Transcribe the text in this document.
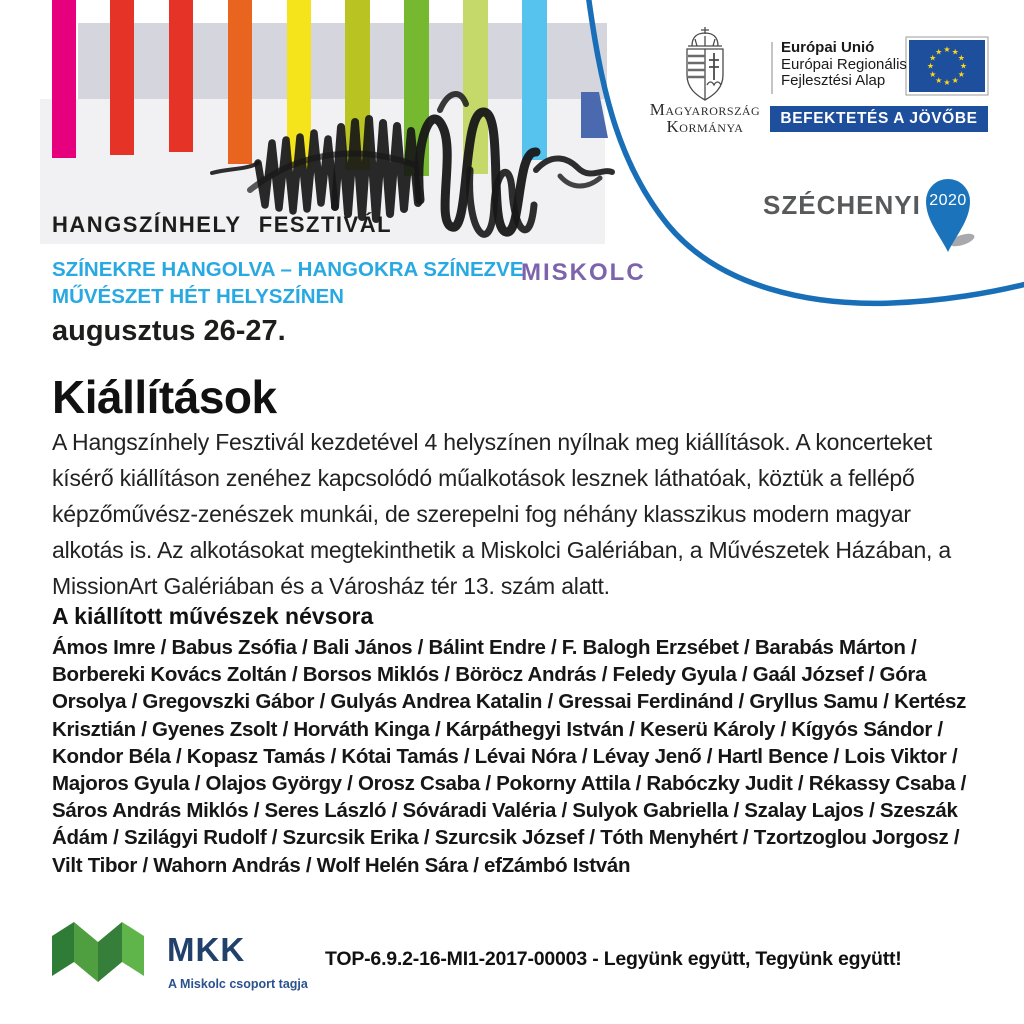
★ ★
★
★
★
★
★
★
★
★
★
★
Magyarország
Kormánya
Európai Unió
Európai Regionális
Fejlesztési Alap
BEFEKTETÉS A JÖVŐBE
SZÉCHENYI 2020
HANGSZÍNHELY FESZTIVÁL
SZÍNEKRE HANGOLVA – HANGOKRA SZÍNEZVE
MŰVÉSZET HÉT HELYSZÍNEN
MISKOLC
augusztus 26-27.
Kiállítások
A Hangszínhely Fesztivál kezdetével 4 helyszínen nyílnak meg kiállítások. A koncerteket kísérő kiállításon zenéhez kapcsolódó műalkotások lesznek láthatóak, köztük a fellépő képzőművész-zenészek munkái, de szerepelni fog néhány klasszikus modern magyar alkotás is. Az alkotásokat megtekinthetik a Miskolci Galériában, a Művészetek Házában, a MissionArt Galériában és a Városház tér 13. szám alatt.
A kiállított művészek névsora
Ámos Imre / Babus Zsófia / Bali János / Bálint Endre / F. Balogh Erzsébet / Barabás Márton / Borbereki Kovács Zoltán / Borsos Miklós / Böröcz András / Feledy Gyula / Gaál József / Góra Orsolya / Gregovszki Gábor / Gulyás Andrea Katalin / Gressai Ferdinánd / Gryllus Samu / Kertész Krisztián / Gyenes Zsolt / Horváth Kinga / Kárpáthegyi István / Keserü Károly / Kígyós Sándor / Kondor Béla / Kopasz Tamás / Kótai Tamás / Lévai Nóra / Lévay Jenő / Hartl Bence / Lois Viktor / Majoros Gyula / Olajos György / Orosz Csaba / Pokorny Attila / Rabóczky Judit / Rékassy Csaba / Sáros András Miklós / Seres László / Sóváradi Valéria / Sulyok Gabriella / Szalay Lajos / Szeszák Ádám / Szilágyi Rudolf / Szurcsik Erika / Szurcsik József / Tóth Menyhért / Tzortzoglou Jorgosz / Vilt Tibor / Wahorn András / Wolf Helén Sára / efZámbó István
MKK
A Miskolc csoport tagja
TOP-6.9.2-16-MI1-2017-00003 - Legyünk együtt, Tegyünk együtt!
